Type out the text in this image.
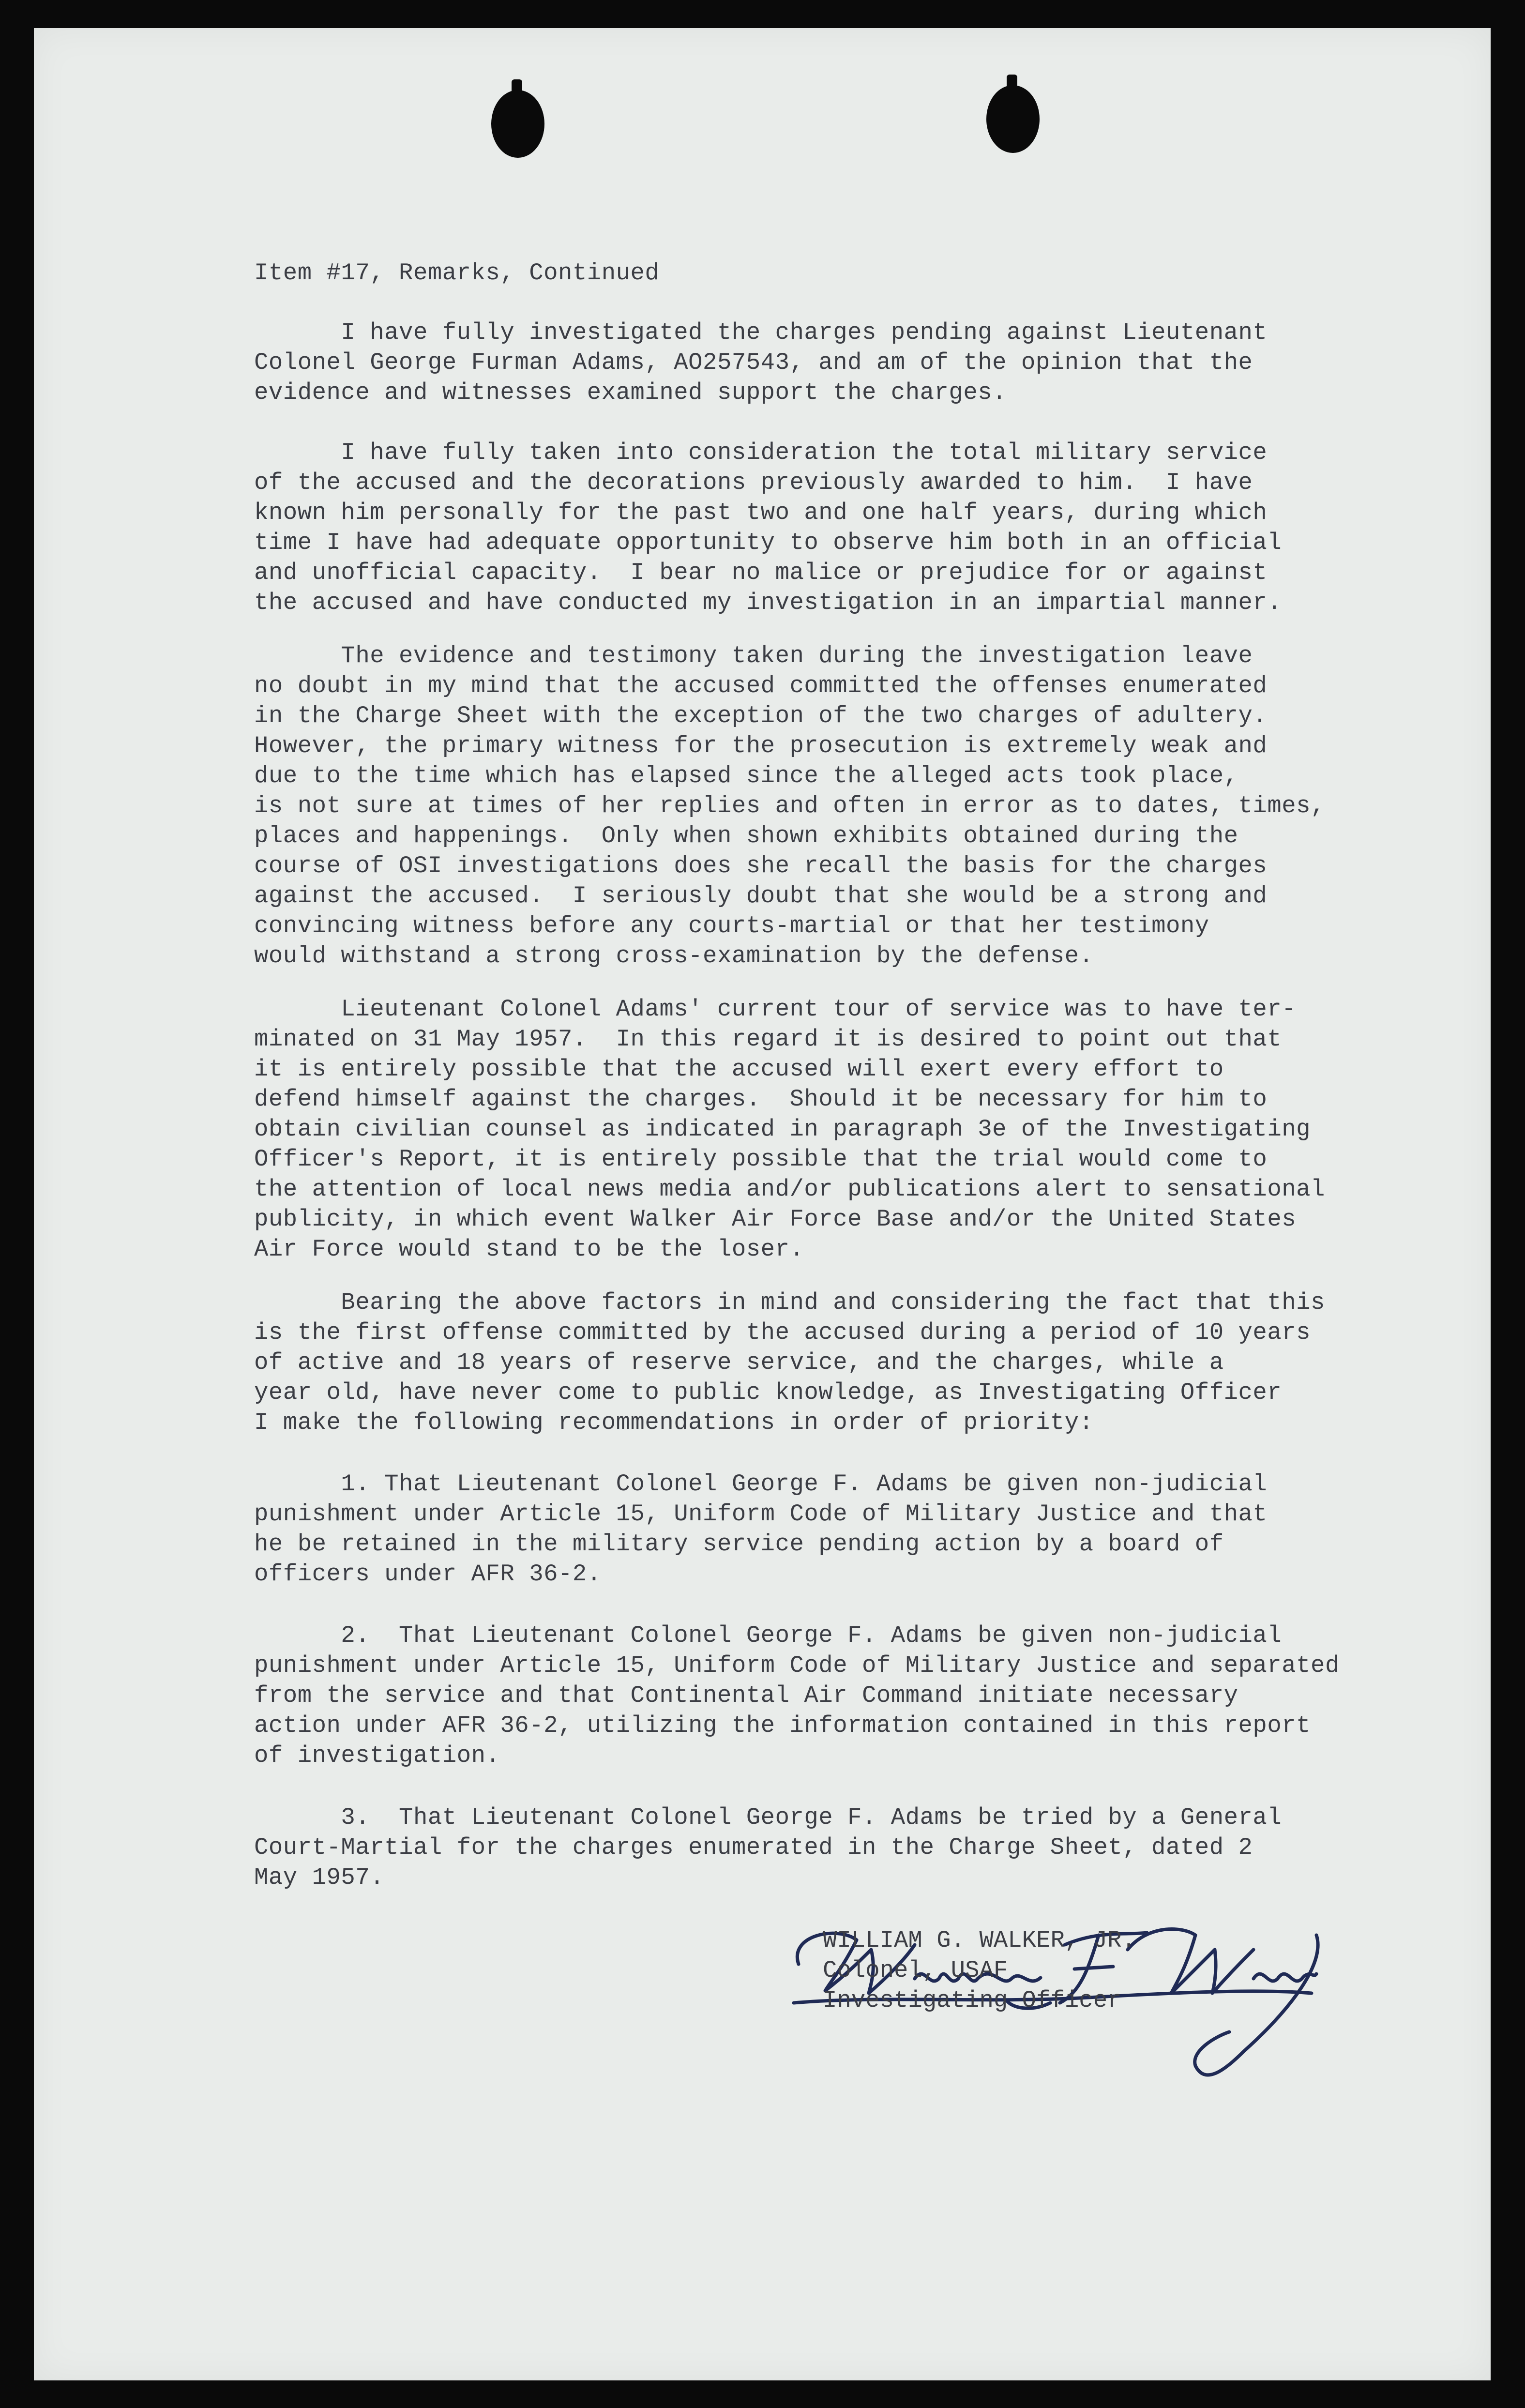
Item #17, Remarks, Continued
I have fully investigated the charges pending against Lieutenant
Colonel George Furman Adams, AO257543, and am of the opinion that the
evidence and witnesses examined support the charges.
I have fully taken into consideration the total military service
of the accused and the decorations previously awarded to him.  I have
known him personally for the past two and one half years, during which
time I have had adequate opportunity to observe him both in an official
and unofficial capacity.  I bear no malice or prejudice for or against
the accused and have conducted my investigation in an impartial manner.
The evidence and testimony taken during the investigation leave
no doubt in my mind that the accused committed the offenses enumerated
in the Charge Sheet with the exception of the two charges of adultery.
However, the primary witness for the prosecution is extremely weak and
due to the time which has elapsed since the alleged acts took place,
is not sure at times of her replies and often in error as to dates, times,
places and happenings.  Only when shown exhibits obtained during the
course of OSI investigations does she recall the basis for the charges
against the accused.  I seriously doubt that she would be a strong and
convincing witness before any courts-martial or that her testimony
would withstand a strong cross-examination by the defense.
Lieutenant Colonel Adams' current tour of service was to have ter-
minated on 31 May 1957.  In this regard it is desired to point out that
it is entirely possible that the accused will exert every effort to
defend himself against the charges.  Should it be necessary for him to
obtain civilian counsel as indicated in paragraph 3e of the Investigating
Officer's Report, it is entirely possible that the trial would come to
the attention of local news media and/or publications alert to sensational
publicity, in which event Walker Air Force Base and/or the United States
Air Force would stand to be the loser.
Bearing the above factors in mind and considering the fact that this
is the first offense committed by the accused during a period of 10 years
of active and 18 years of reserve service, and the charges, while a
year old, have never come to public knowledge, as Investigating Officer
I make the following recommendations in order of priority:
1. That Lieutenant Colonel George F. Adams be given non-judicial
punishment under Article 15, Uniform Code of Military Justice and that
he be retained in the military service pending action by a board of
officers under AFR 36-2.
2.  That Lieutenant Colonel George F. Adams be given non-judicial
punishment under Article 15, Uniform Code of Military Justice and separated
from the service and that Continental Air Command initiate necessary
action under AFR 36-2, utilizing the information contained in this report
of investigation.
3.  That Lieutenant Colonel George F. Adams be tried by a General
Court-Martial for the charges enumerated in the Charge Sheet, dated 2
May 1957.
WILLIAM G. WALKER, JR.
Colonel, USAF
Investigating Officer
